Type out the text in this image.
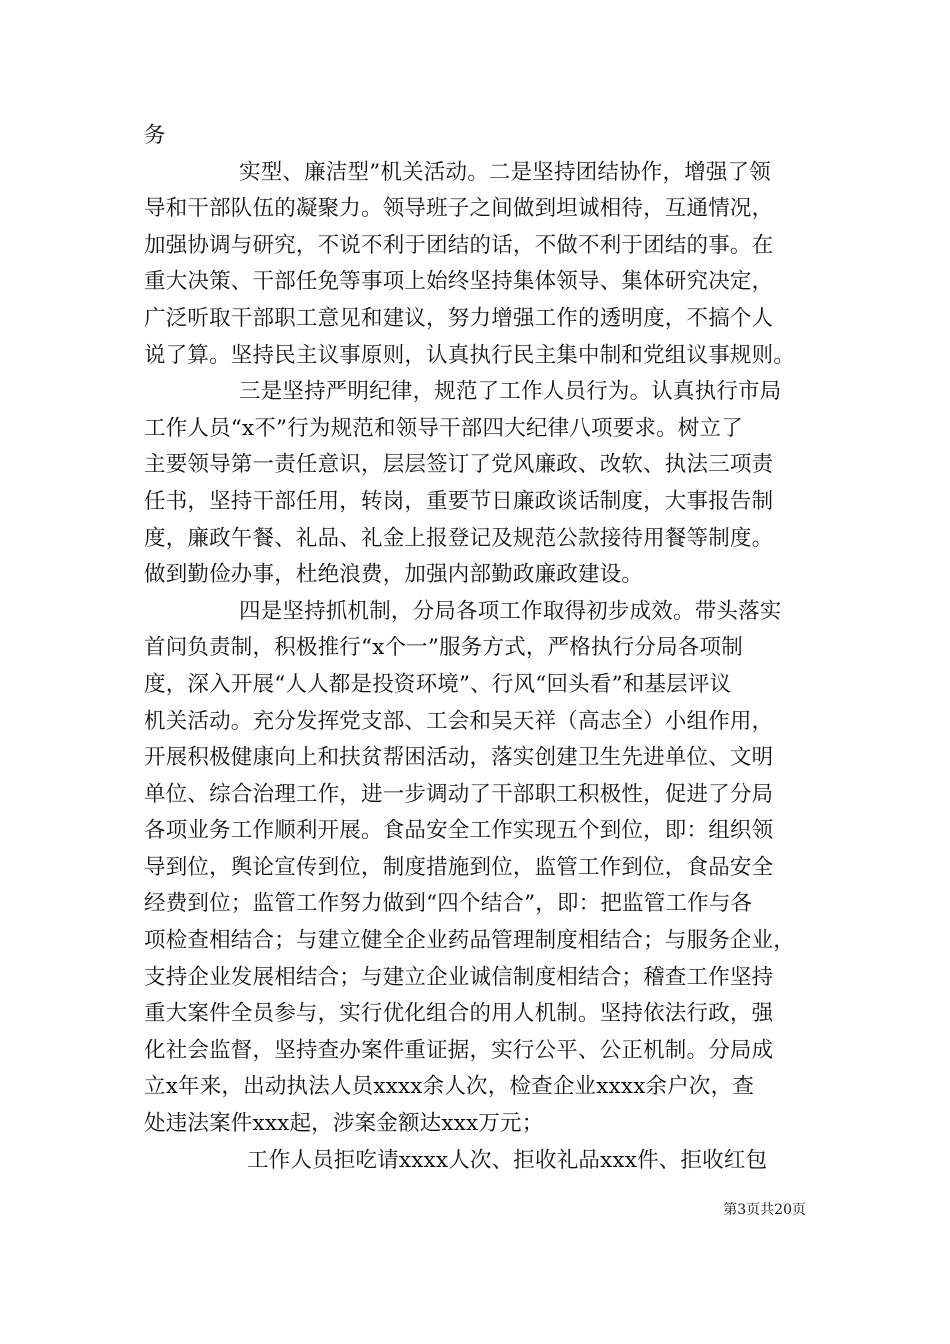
务
实型、廉洁型”机关活动。二是坚持团结协作，增强了领
导和干部队伍的凝聚力。领导班子之间做到坦诚相待，互通情况，
加强协调与研究，不说不利于团结的话，不做不利于团结的事。在
重大决策、干部任免等事项上始终坚持集体领导、集体研究决定，
广泛听取干部职工意见和建议，努力增强工作的透明度，不搞个人
说了算。坚持民主议事原则，认真执行民主集中制和党组议事规则。
三是坚持严明纪律，规范了工作人员行为。认真执行市局
工作人员“x不”行为规范和领导干部四大纪律八项要求。树立了
主要领导第一责任意识，层层签订了党风廉政、改软、执法三项责
任书，坚持干部任用，转岗，重要节日廉政谈话制度，大事报告制
度，廉政午餐、礼品、礼金上报登记及规范公款接待用餐等制度。
做到勤俭办事，杜绝浪费，加强内部勤政廉政建设。
四是坚持抓机制，分局各项工作取得初步成效。带头落实
首问负责制，积极推行“x个一”服务方式，严格执行分局各项制
度，深入开展“人人都是投资环境”、行风“回头看”和基层评议
机关活动。充分发挥党支部、工会和吴天祥（高志全）小组作用，
开展积极健康向上和扶贫帮困活动，落实创建卫生先进单位、文明
单位、综合治理工作，进一步调动了干部职工积极性，促进了分局
各项业务工作顺利开展。食品安全工作实现五个到位，即：组织领
导到位，舆论宣传到位，制度措施到位，监管工作到位，食品安全
经费到位；监管工作努力做到“四个结合”，即：把监管工作与各
项检查相结合；与建立健全企业药品管理制度相结合；与服务企业，
支持企业发展相结合；与建立企业诚信制度相结合；稽查工作坚持
重大案件全员参与，实行优化组合的用人机制。坚持依法行政，强
化社会监督，坚持查办案件重证据，实行公平、公正机制。分局成
立x年来，出动执法人员xxxx余人次，检查企业xxxx余户次，查
处违法案件xxx起，涉案金额达xxx万元；
工作人员拒吃请xxxx人次、拒收礼品xxx件、拒收红包
第3页共20页
